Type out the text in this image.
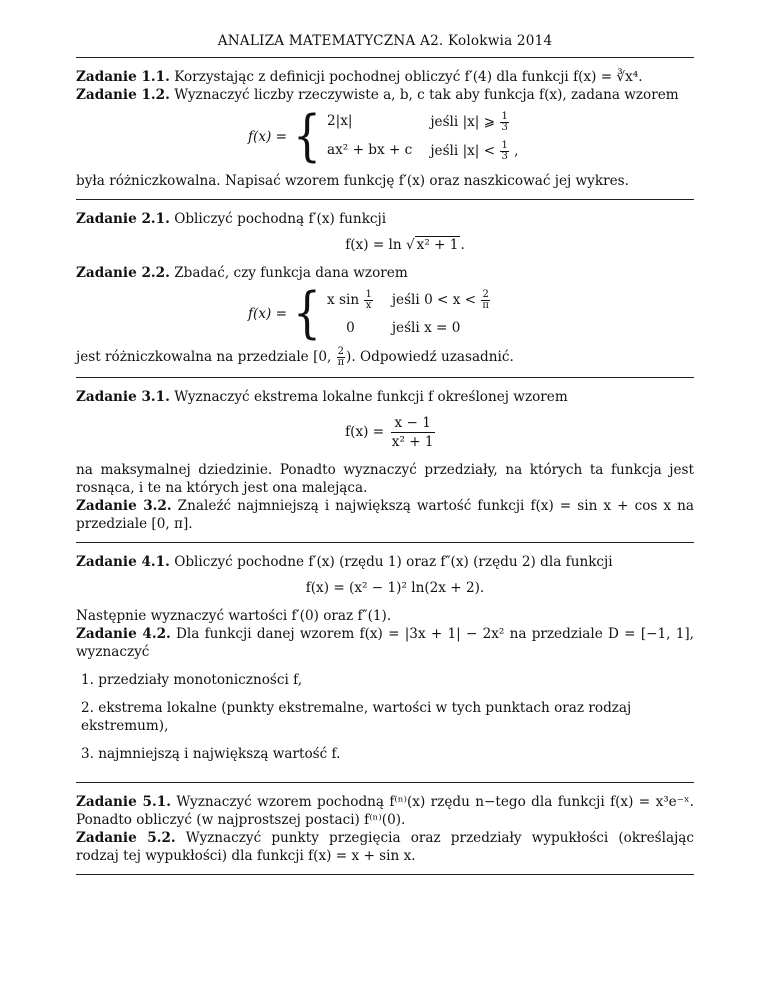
ANALIZA MATEMATYCZNA A2. Kolokwia 2014

Zadanie 1.1. Korzystając z definicji pochodnej obliczyć f′(4) dla funkcji f(x) = ∛x⁴.

Zadanie 1.2. Wyznaczyć liczby rzeczywiste a, b, c tak aby funkcja f(x), zadana wzorem

f(x) = { 2|x|	jeśli |x| ⩾ $\frac{1}{3}$
ax² + bx + c jeśli $|x| < \frac{1}{3}$ ,

była różniczkowalna. Napisać wzorem funkcję f′(x) oraz naszkicować jej wykres.

Zadanie 2.1. Obliczyć pochodną f′(x) funkcji

f(x) = ln √ x² + 1 .

Zadanie 2.2. Zbadać, czy funkcja dana wzorem

f(x) = { x $\sin \frac{1}{x}$ jeśli $0 < x < \frac{2}{\pi}$
0	jeśli x = 0

jest różniczkowalna na przedziale [0, $\frac{2}{\pi}$ ). Odpowiedź uzasadnić.

Zadanie 3.1. Wyznaczyć ekstrema lokalne funkcji f określonej wzorem

$f(x) = \frac{x - 1}{\text{x² + 1}}$

na maksymalnej dziedzinie. Ponadto wyznaczyć przedziały, na których ta funkcja jest rosnąca, i te na których jest ona malejąca.

Zadanie 3.2. Znaleźć najmniejszą i największą wartość funkcji f(x) = sin x + cos x na przedziale [0, π].

Zadanie 4.1. Obliczyć pochodne f′(x) (rzędu 1) oraz f″(x) (rzędu 2) dla funkcji

f(x) = (x² − 1)² ln(2x + 2).

Następnie wyznaczyć wartości f′(0) oraz f″(1).

Zadanie 4.2. Dla funkcji danej wzorem f(x) = |3x + 1| − 2x² na przedziale D = [−1, 1], wyznaczyć

1. przedziały monotoniczności f,
2. ekstrema lokalne (punkty ekstremalne, wartości w tych punktach oraz rodzaj ekstremum),
3. najmniejszą i największą wartość f.

Zadanie 5.1. Wyznaczyć wzorem pochodną f⁽ⁿ⁾(x) rzędu n−tego dla funkcji f(x) = x³e⁻ˣ. Ponadto obliczyć (w najprostszej postaci) f⁽ⁿ⁾(0).

Zadanie 5.2. Wyznaczyć punkty przegięcia oraz przedziały wypukłości (określając rodzaj tej wypukłości) dla funkcji f(x) = x + sin x.
